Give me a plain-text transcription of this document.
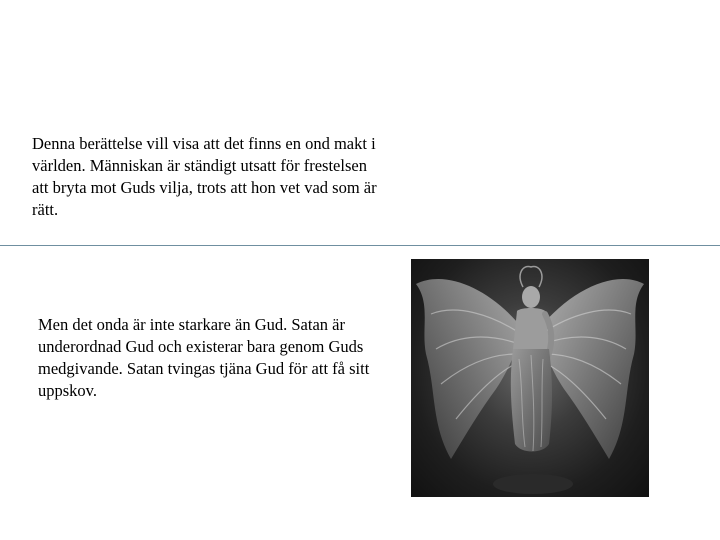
Denna berättelse vill visa att det finns en ond makt i världen. Människan är ständigt utsatt för frestelsen att bryta mot Guds vilja, trots att hon vet vad som är rätt.

Men det onda är inte starkare än Gud. Satan är underordnad Gud och existerar bara genom Guds medgivande. Satan tvingas tjäna Gud för att få sitt uppskov.
